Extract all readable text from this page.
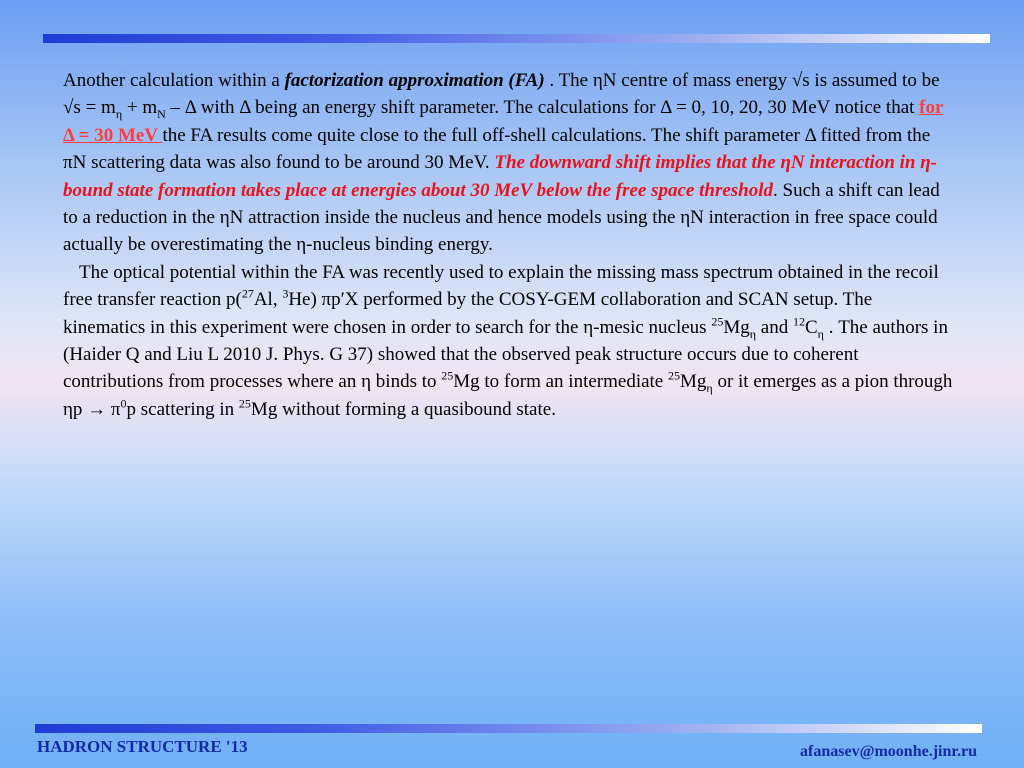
Another calculation within a factorization approximation (FA) . The ηN centre of mass energy √s is assumed to be $√s = m_\eta + m_N - \Delta$ with Δ being an energy shift parameter. The calculations for Δ = 0, 10, 20, 30 MeV notice that for Δ = 30 MeV the FA results come quite close to the full off-shell calculations. The shift parameter Δ fitted from the πN scattering data was also found to be around 30 MeV. The downward shift implies that the ηN interaction in η-bound state formation takes place at energies about 30 MeV below the free space threshold. Such a shift can lead to a reduction in the ηN attraction inside the nucleus and hence models using the ηN interaction in free space could actually be overestimating the η-nucleus binding energy.

The optical potential within the FA was recently used to explain the missing mass spectrum obtained in the recoil free transfer reaction p($^{27}$Al, $^3$He) πp′X performed by the COSY-GEM collaboration and SCAN setup. The kinematics in this experiment were chosen in order to search for the η-mesic nucleus $^{25}Mg_\eta$ and $^{12}C_\eta$ . The authors in (Haider Q and Liu L 2010 J. Phys. G 37) showed that the observed peak structure occurs due to coherent contributions from processes where an η binds to $^{25}$Mg to form an intermediate $^{25}Mg_\eta$ or it emerges as a pion through $\eta p \to \pi^0p$ scattering in $^{25}$Mg without forming a quasibound state.

HADRON STRUCTURE '13	afanasev@moonhe.jinr.ru
